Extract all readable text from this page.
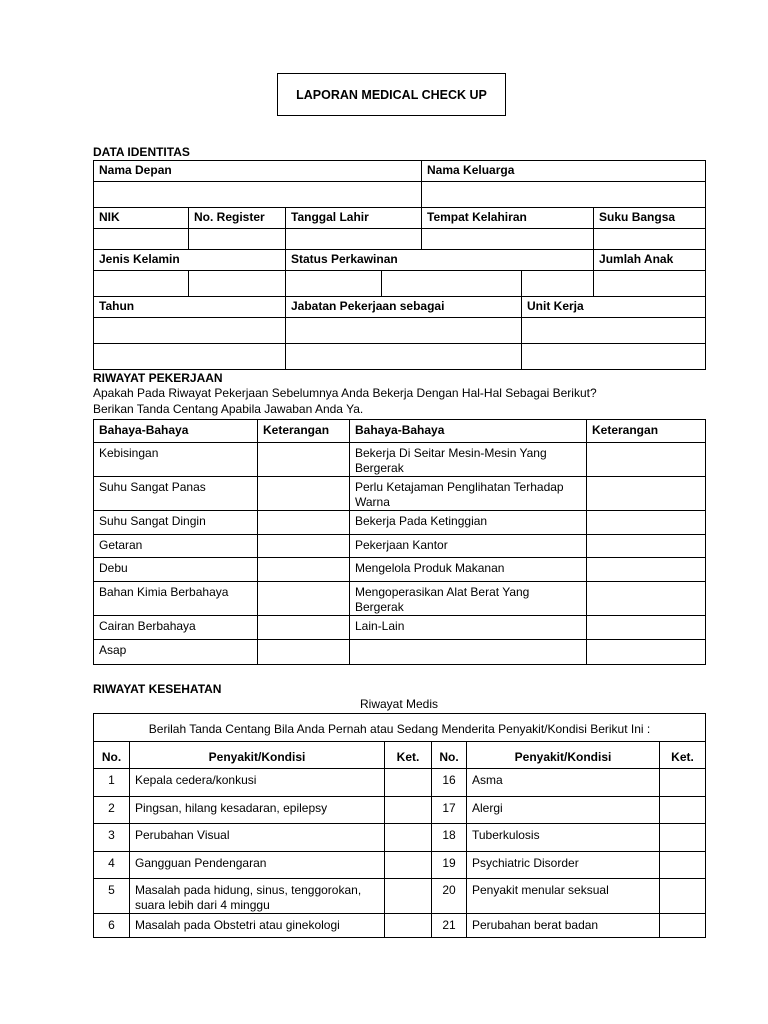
LAPORAN MEDICAL CHECK UP
DATA IDENTITAS
Nama Depan				Nama Keluarga		

NIK	No. Register	Tanggal Lahir		Tempat Kelahiran		Suku Bangsa

Jenis Kelamin		Status Perkawinan				Jumlah Anak

Tahun		Jabatan Pekerjaan sebagai			Unit Kerja	

RIWAYAT PEKERJAAN
Apakah Pada Riwayat Pekerjaan Sebelumnya Anda Bekerja Dengan Hal-Hal Sebagai Berikut?
Berikan Tanda Centang Apabila Jawaban Anda Ya.
Bahaya-Bahaya	Keterangan	Bahaya-Bahaya	Keterangan
Kebisingan		Bekerja Di Seitar Mesin-Mesin Yang Bergerak	
Suhu Sangat Panas		Perlu Ketajaman Penglihatan Terhadap Warna	
Suhu Sangat Dingin		Bekerja Pada Ketinggian	
Getaran		Pekerjaan Kantor	
Debu		Mengelola Produk Makanan	
Bahan Kimia Berbahaya		Mengoperasikan Alat Berat Yang Bergerak	
Cairan Berbahaya		Lain-Lain	
Asap			
RIWAYAT KESEHATAN
Riwayat Medis
Berilah Tanda Centang Bila Anda Pernah atau Sedang Menderita Penyakit/Kondisi Berikut Ini :					
No.	Penyakit/Kondisi	Ket.	No.	Penyakit/Kondisi	Ket.
1	Kepala cedera/konkusi		16	Asma	
2	Pingsan, hilang kesadaran, epilepsy		17	Alergi	
3	Perubahan Visual		18	Tuberkulosis	
4	Gangguan Pendengaran		19	Psychiatric Disorder	
5	Masalah pada hidung, sinus, tenggorokan, suara lebih dari 4 minggu		20	Penyakit menular seksual	
6	Masalah pada Obstetri atau ginekologi		21	Perubahan berat badan	
